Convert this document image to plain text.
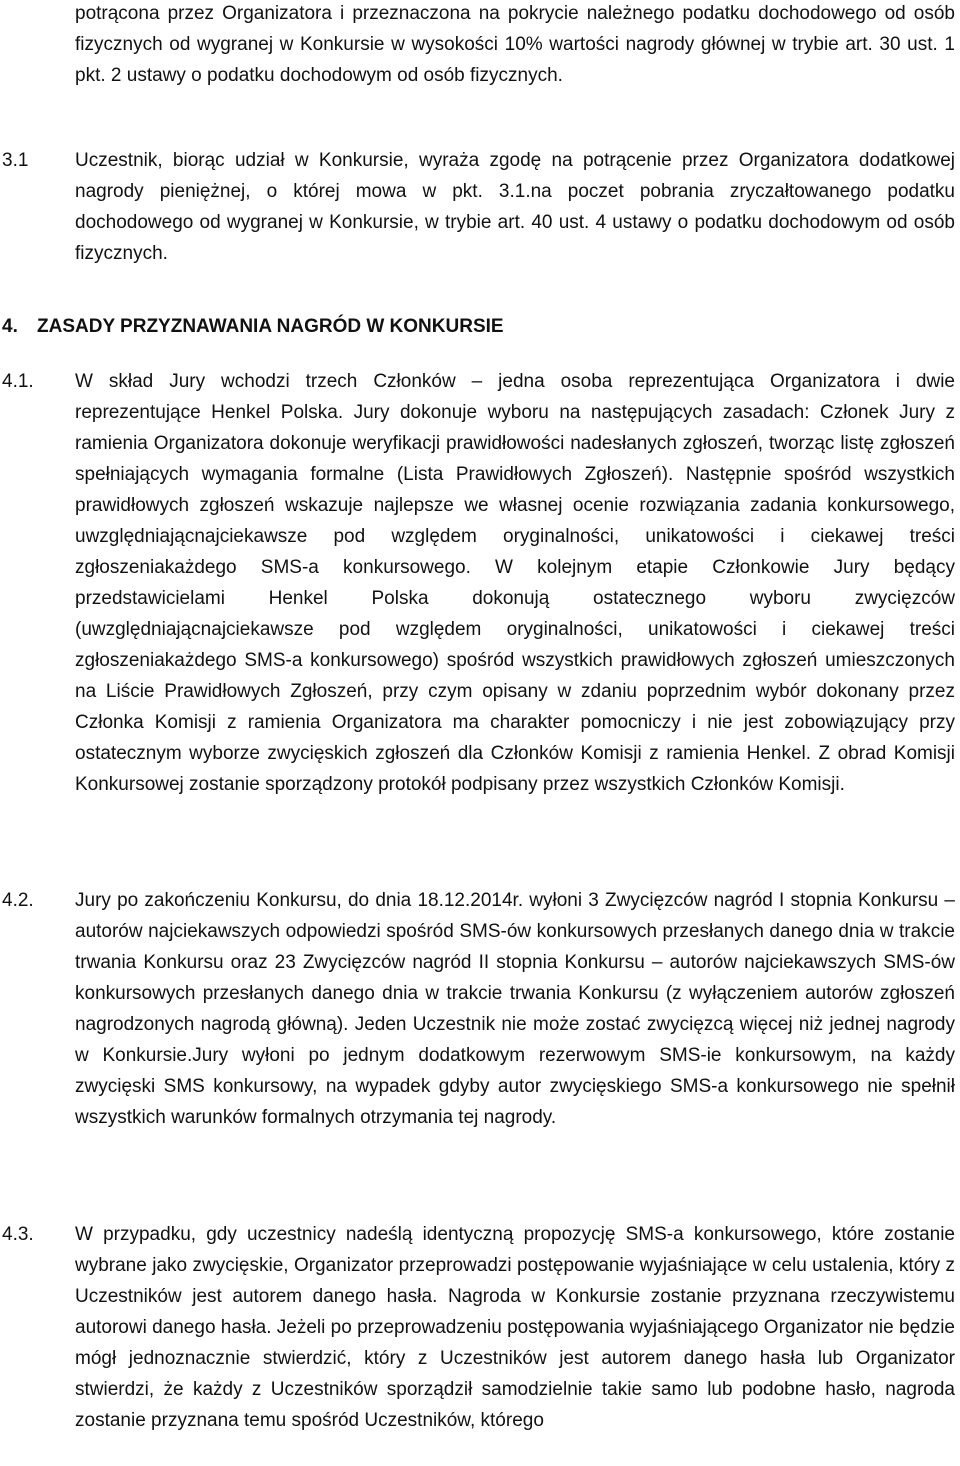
potrącona przez Organizatora i przeznaczona na pokrycie należnego podatku dochodowego od osób fizycznych od wygranej w Konkursie w wysokości 10% wartości nagrody głównej w trybie art. 30 ust. 1 pkt. 2 ustawy o podatku dochodowym od osób fizycznych.
3.1 Uczestnik, biorąc udział w Konkursie, wyraża zgodę na potrącenie przez Organizatora dodatkowej nagrody pieniężnej, o której mowa w pkt. 3.1.na poczet pobrania zryczałtowanego podatku dochodowego od wygranej w Konkursie, w trybie art. 40 ust. 4 ustawy o podatku dochodowym od osób fizycznych.
4. ZASADY PRZYZNAWANIA NAGRÓD W KONKURSIE
4.1. W skład Jury wchodzi trzech Członków – jedna osoba reprezentująca Organizatora i dwie reprezentujące Henkel Polska. Jury dokonuje wyboru na następujących zasadach: Członek Jury z ramienia Organizatora dokonuje weryfikacji prawidłowości nadesłanych zgłoszeń, tworząc listę zgłoszeń spełniających wymagania formalne (Lista Prawidłowych Zgłoszeń). Następnie spośród wszystkich prawidłowych zgłoszeń wskazuje najlepsze we własnej ocenie rozwiązania zadania konkursowego, uwzględniającnajciekawsze pod względem oryginalności, unikatowości i ciekawej treści zgłoszeniakażdego SMS-a konkursowego. W kolejnym etapie Członkowie Jury będący przedstawicielami Henkel Polska dokonują ostatecznego wyboru zwycięzców (uwzględniającnajciekawsze pod względem oryginalności, unikatowości i ciekawej treści zgłoszeniakażdego SMS-a konkursowego) spośród wszystkich prawidłowych zgłoszeń umieszczonych na Liście Prawidłowych Zgłoszeń, przy czym opisany w zdaniu poprzednim wybór dokonany przez Członka Komisji z ramienia Organizatora ma charakter pomocniczy i nie jest zobowiązujący przy ostatecznym wyborze zwycięskich zgłoszeń dla Członków Komisji z ramienia Henkel. Z obrad Komisji Konkursowej zostanie sporządzony protokół podpisany przez wszystkich Członków Komisji.
4.2. Jury po zakończeniu Konkursu, do dnia 18.12.2014r. wyłoni 3 Zwycięzców nagród I stopnia Konkursu – autorów najciekawszych odpowiedzi spośród SMS-ów konkursowych przesłanych danego dnia w trakcie trwania Konkursu oraz 23 Zwycięzców nagród II stopnia Konkursu – autorów najciekawszych SMS-ów konkursowych przesłanych danego dnia w trakcie trwania Konkursu (z wyłączeniem autorów zgłoszeń nagrodzonych nagrodą główną). Jeden Uczestnik nie może zostać zwycięzcą więcej niż jednej nagrody w Konkursie.Jury wyłoni po jednym dodatkowym rezerwowym SMS-ie konkursowym, na każdy zwycięski SMS konkursowy, na wypadek gdyby autor zwycięskiego SMS-a konkursowego nie spełnił wszystkich warunków formalnych otrzymania tej nagrody.
4.3. W przypadku, gdy uczestnicy nadeślą identyczną propozycję SMS-a konkursowego, które zostanie wybrane jako zwycięskie, Organizator przeprowadzi postępowanie wyjaśniające w celu ustalenia, który z Uczestników jest autorem danego hasła. Nagroda w Konkursie zostanie przyznana rzeczywistemu autorowi danego hasła. Jeżeli po przeprowadzeniu postępowania wyjaśniającego Organizator nie będzie mógł jednoznacznie stwierdzić, który z Uczestników jest autorem danego hasła lub Organizator stwierdzi, że każdy z Uczestników sporządził samodzielnie takie samo lub podobne hasło, nagroda zostanie przyznana temu spośród Uczestników, którego
